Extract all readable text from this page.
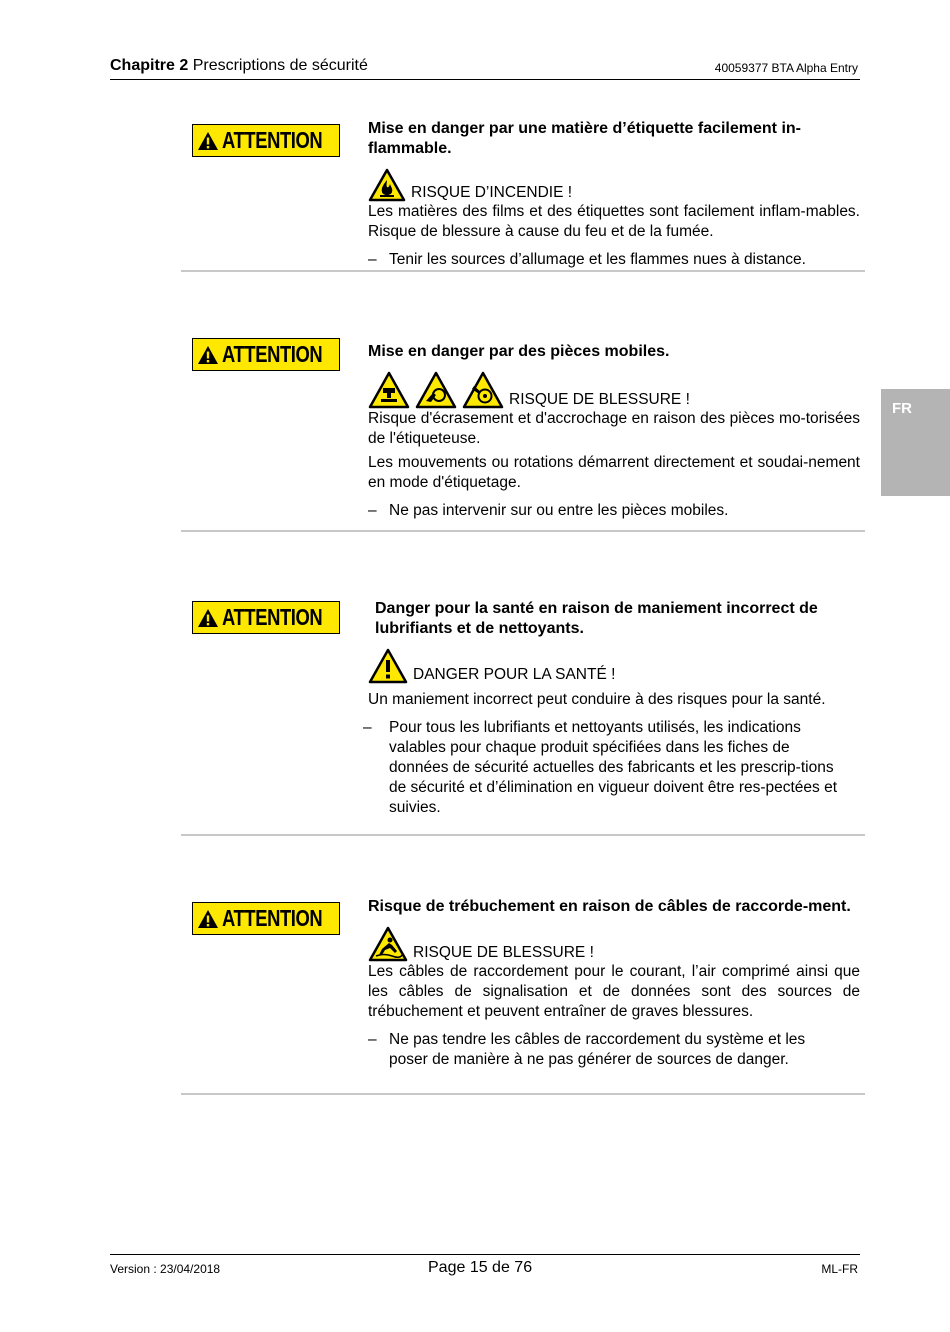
Chapitre 2 Prescriptions de sécurité	40059377 BTA Alpha Entry
FR
ATTENTION	Mise en danger par une matière d’étiquette facilement in-flammable.
RISQUE D’INCENDIE !

Les matières des films et des étiquettes sont facilement inflam-mables. Risque de blessure à cause du feu et de la fumée.

– Tenir les sources d’allumage et les flammes nues à distance.
ATTENTION	Mise en danger par des pièces mobiles.
RISQUE DE BLESSURE !

Risque d'écrasement et d'accrochage en raison des pièces mo-torisées de l'étiqueteuse.

Les mouvements ou rotations démarrent directement et soudai-nement en mode d'étiquetage.

– Ne pas intervenir sur ou entre les pièces mobiles.
ATTENTION	Danger pour la santé en raison de maniement incorrect de lubrifiants et de nettoyants.
DANGER POUR LA SANTÉ !

Un maniement incorrect peut conduire à des risques pour la santé.

–	Pour tous les lubrifiants et nettoyants utilisés, les indications valables pour chaque produit spécifiées dans les fiches de données de sécurité actuelles des fabricants et les prescrip-tions de sécurité et d’élimination en vigueur doivent être res-pectées et suivies.
ATTENTION	Risque de trébuchement en raison de câbles de raccorde-ment.
RISQUE DE BLESSURE !

Les câbles de raccordement pour le courant, l’air comprimé ainsi que les câbles de signalisation et de données sont des sources de trébuchement et peuvent entraîner de graves blessures.

– Ne pas tendre les câbles de raccordement du système et les poser de manière à ne pas générer de sources de danger.
Version : 23/04/2018	Page 15 de 76	ML-FR
